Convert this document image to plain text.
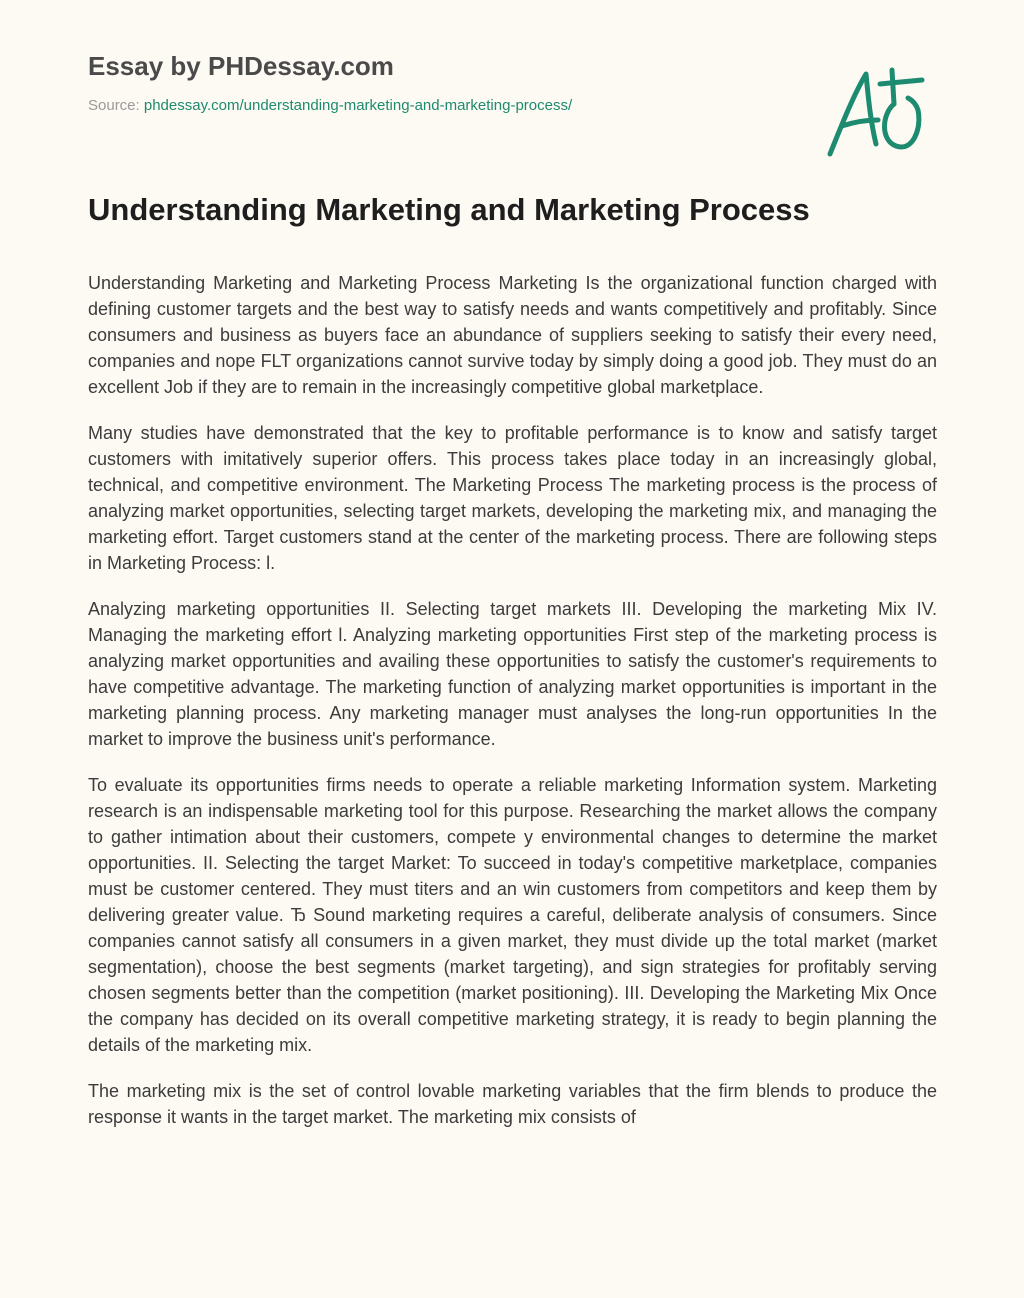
Essay by PHDessay.com
Source: phdessay.com/understanding-marketing-and-marketing-process/
Understanding Marketing and Marketing Process

Understanding Marketing and Marketing Process Marketing Is the organizational function charged with defining customer targets and the best way to satisfy needs and wants competitively and profitably. Since consumers and business as buyers face an abundance of suppliers seeking to satisfy their every need, companies and nope FLT organizations cannot survive today by simply doing a good job. They must do an excellent Job if they are to remain in the increasingly competitive global marketplace.

Many studies have demonstrated that the key to profitable performance is to know and satisfy target customers with imitatively superior offers. This process takes place today in an increasingly global, technical, and competitive environment. The Marketing Process The marketing process is the process of analyzing market opportunities, selecting target markets, developing the marketing mix, and managing the marketing effort. Target customers stand at the center of the marketing process. There are following steps in Marketing Process: l.

Analyzing marketing opportunities II. Selecting target markets III. Developing the marketing Mix IV. Managing the marketing effort l. Analyzing marketing opportunities First step of the marketing process is analyzing market opportunities and availing these opportunities to satisfy the customer's requirements to have competitive advantage. The marketing function of analyzing market opportunities is important in the marketing planning process. Any marketing manager must analyses the long-run opportunities In the market to improve the business unit's performance.

To evaluate its opportunities firms needs to operate a reliable marketing Information system. Marketing research is an indispensable marketing tool for this purpose. Researching the market allows the company to gather intimation about their customers, compete y environmental changes to determine the market opportunities. II. Selecting the target Market: To succeed in today's competitive marketplace, companies must be customer centered. They must titers and an win customers from competitors and keep them by delivering greater value. Ђ Sound marketing requires a careful, deliberate analysis of consumers. Since companies cannot satisfy all consumers in a given market, they must divide up the total market (market segmentation), choose the best segments (market targeting), and sign strategies for profitably serving chosen segments better than the competition (market positioning). III. Developing the Marketing Mix Once the company has decided on its overall competitive marketing strategy, it is ready to begin planning the details of the marketing mix.

The marketing mix is the set of control lovable marketing variables that the firm blends to produce the response it wants in the target market. The marketing mix consists of
